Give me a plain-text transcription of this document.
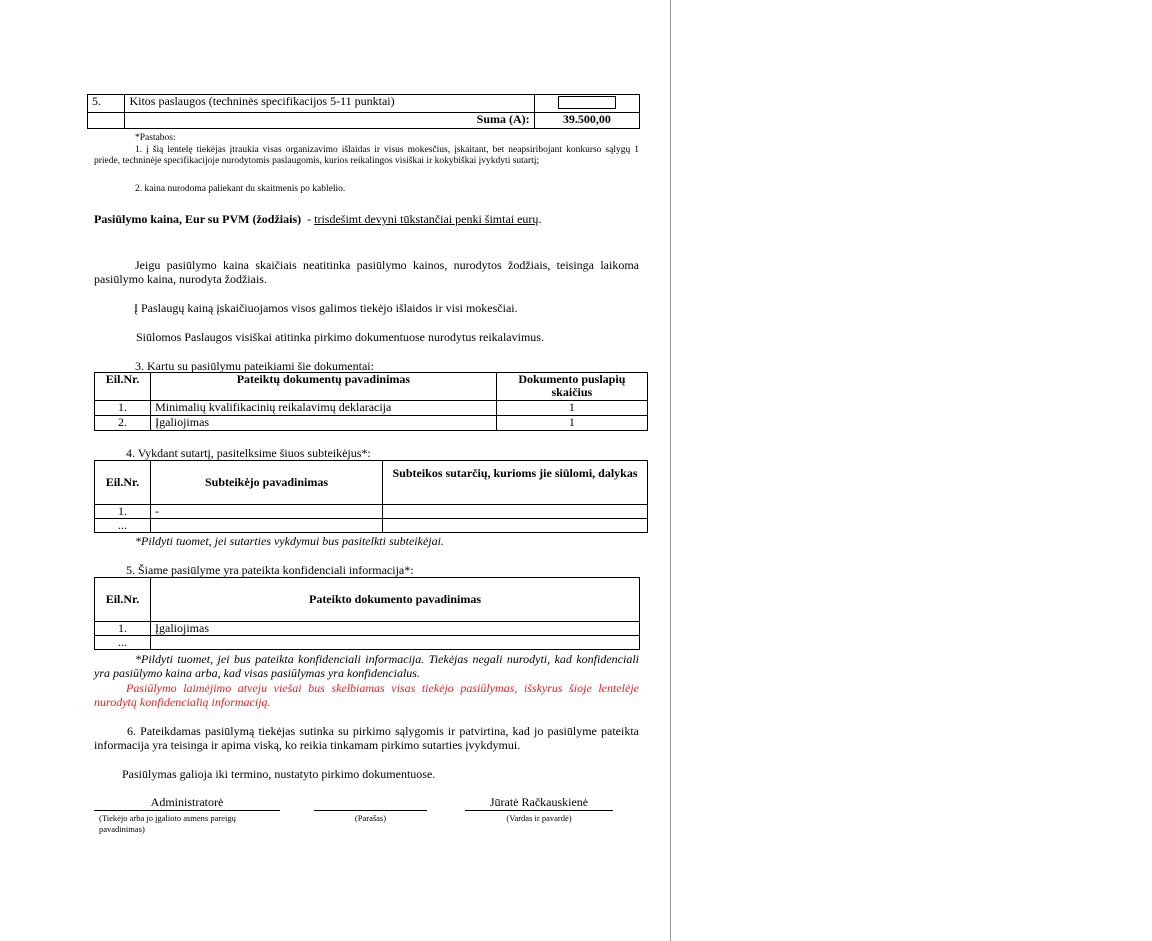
5.	Kitos paslaugos (techninės specifikacijos 5-11 punktai)	
	Suma (A):	39.500,00
*Pastabos:
1. į šią lentelę tiekėjas įtraukia visas organizavimo išlaidas ir visus mokesčius, įskaitant, bet neapsiribojant konkurso sąlygų 1 priede, techninėje specifikacijoje nurodytomis paslaugomis, kurios reikalingos visiškai ir kokybiškai įvykdyti sutartį;
2. kaina nurodoma paliekant du skaitmenis po kablelio.
Pasiūlymo kaina, Eur su PVM (žodžiais) - trisdešimt devyni tūkstančiai penki šimtai eurų.
Jeigu pasiūlymo kaina skaičiais neatitinka pasiūlymo kainos, nurodytos žodžiais, teisinga laikoma pasiūlymo kaina, nurodyta žodžiais.
Į Paslaugų kainą įskaičiuojamos visos galimos tiekėjo išlaidos ir visi mokesčiai.
Siūlomos Paslaugos visiškai atitinka pirkimo dokumentuose nurodytus reikalavimus.
3. Kartu su pasiūlymu pateikiami šie dokumentai:
Eil.Nr.	Pateiktų dokumentų pavadinimas	Dokumento puslapių skaičius
1.	Minimalių kvalifikacinių reikalavimų deklaracija	1
2.	Įgaliojimas	1
4. Vykdant sutartį, pasitelksime šiuos subteikėjus*:
Eil.Nr.	Subteikėjo pavadinimas	Subteikos sutarčių, kurioms jie siūlomi, dalykas
1.	-	
...		
*Pildyti tuomet, jei sutarties vykdymui bus pasitelkti subteikėjai.
5. Šiame pasiūlyme yra pateikta konfidenciali informacija*:
Eil.Nr.	Pateikto dokumento pavadinimas
1.	Įgaliojimas
...	
*Pildyti tuomet, jei bus pateikta konfidenciali informacija. Tiekėjas negali nurodyti, kad konfidenciali yra pasiūlymo kaina arba, kad visas pasiūlymas yra konfidencialus.
Pasiūlymo laimėjimo atveju viešai bus skelbiamas visas tiekėjo pasiūlymas, išskyrus šioje lentelėje nurodytą konfidencialią informaciją.
6. Pateikdamas pasiūlymą tiekėjas sutinka su pirkimo sąlygomis ir patvirtina, kad jo pasiūlyme pateikta informacija yra teisinga ir apima viską, ko reikia tinkamam pirkimo sutarties įvykdymui.
Pasiūlymas galioja iki termino, nustatyto pirkimo dokumentuose.
Administratorė	Jūratė Račkauskienė
(Tiekėjo arba jo įgalioto asmens pareigų pavadinimas)
(Parašas)	(Vardas ir pavardė)
